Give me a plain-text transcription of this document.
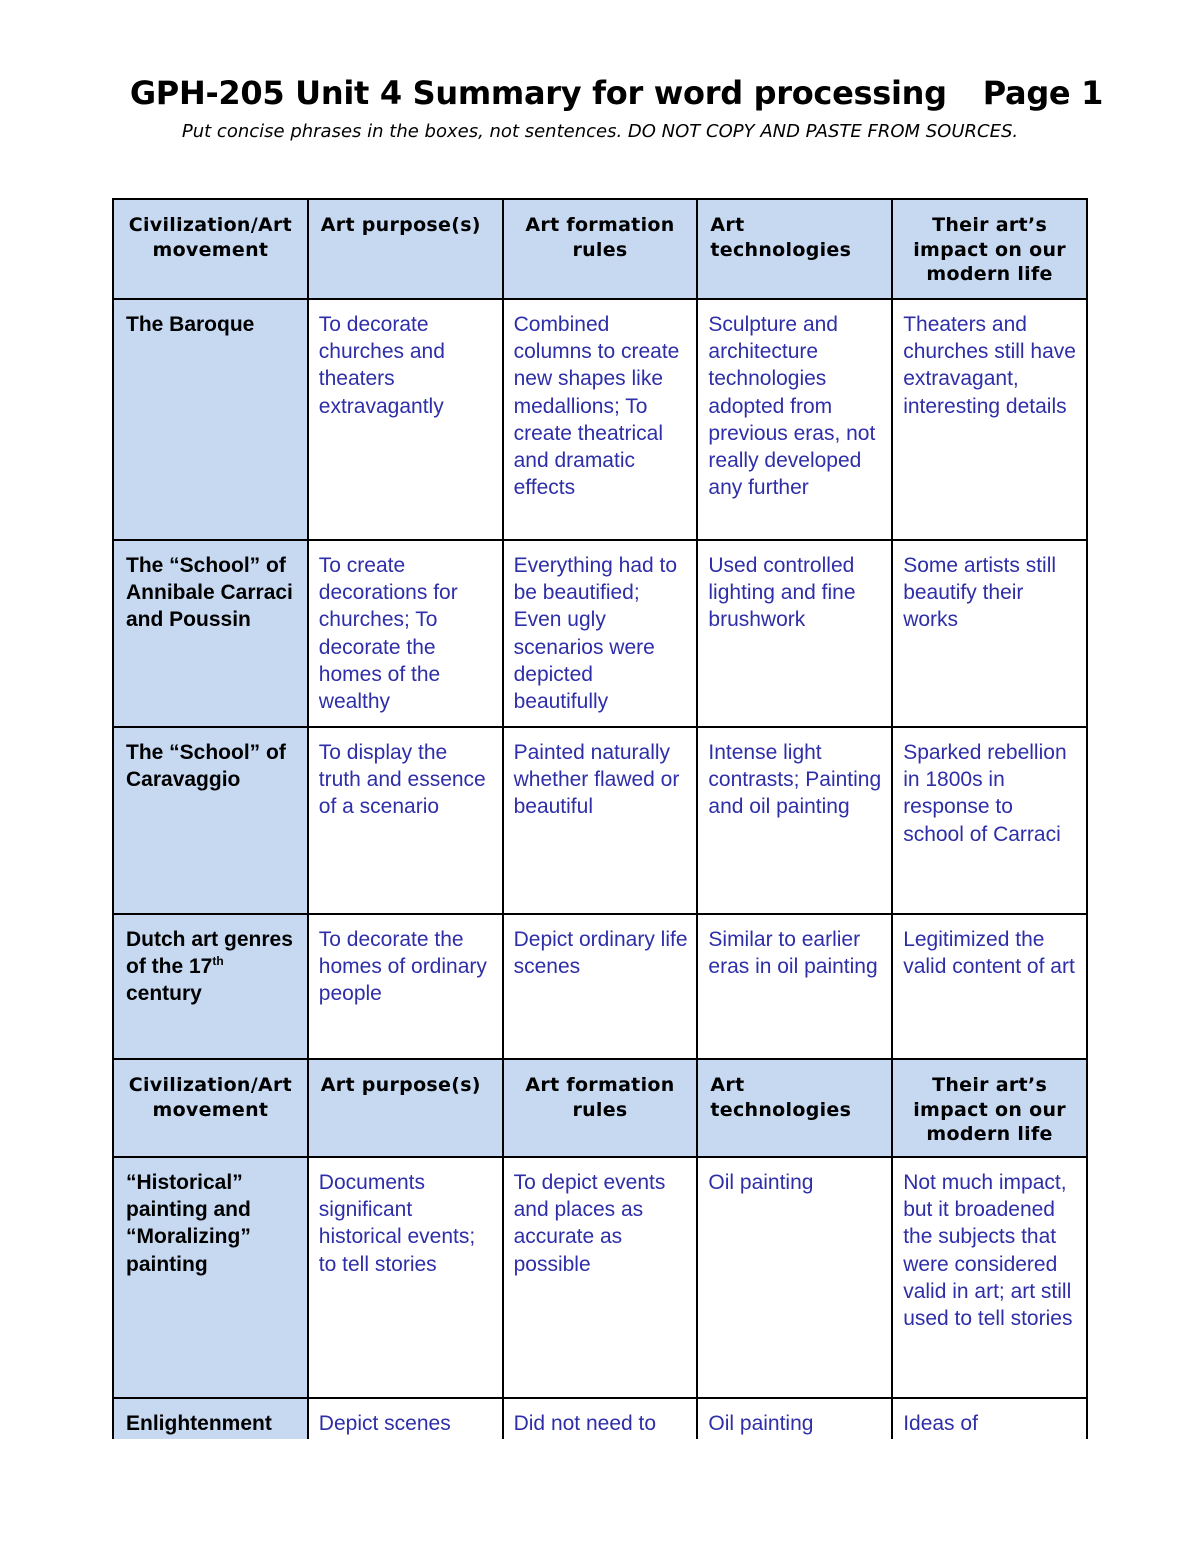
GPH-205 Unit 4 Summary for word processing Page 1
Put concise phrases in the boxes, not sentences. DO NOT COPY AND PASTE FROM SOURCES.
Civilization/Art movement	Art purpose(s)	Art formation rules	Art technologies	Their art’s impact on our modern life
The Baroque	To decorate churches and theaters extravagantly	Combined columns to create new shapes like medallions; To create theatrical and dramatic effects	Sculpture and architecture technologies adopted from previous eras, not really developed any further	Theaters and churches still have extravagant, interesting details
The “School” of Annibale Carraci and Poussin	To create decorations for churches; To decorate the homes of the wealthy	Everything had to be beautified; Even ugly scenarios were depicted beautifully	Used controlled lighting and fine brushwork	Some artists still beautify their works
The “School” of Caravaggio	To display the truth and essence of a scenario	Painted naturally whether flawed or beautiful	Intense light contrasts; Painting and oil painting	Sparked rebellion in 1800s in response to school of Carraci
Dutch art genres of the 17th century	To decorate the homes of ordinary people	Depict ordinary life scenes	Similar to earlier eras in oil painting	Legitimized the valid content of art
Civilization/Art movement	Art purpose(s)	Art formation rules	Art technologies	Their art’s impact on our modern life
“Historical” painting and “Moralizing” painting	Documents significant historical events; to tell stories	To depict events and places as accurate as possible	Oil painting	Not much impact, but it broadened the subjects that were considered valid in art; art still used to tell stories
Enlightenment	Depict scenes	Did not need to	Oil painting	Ideas of
